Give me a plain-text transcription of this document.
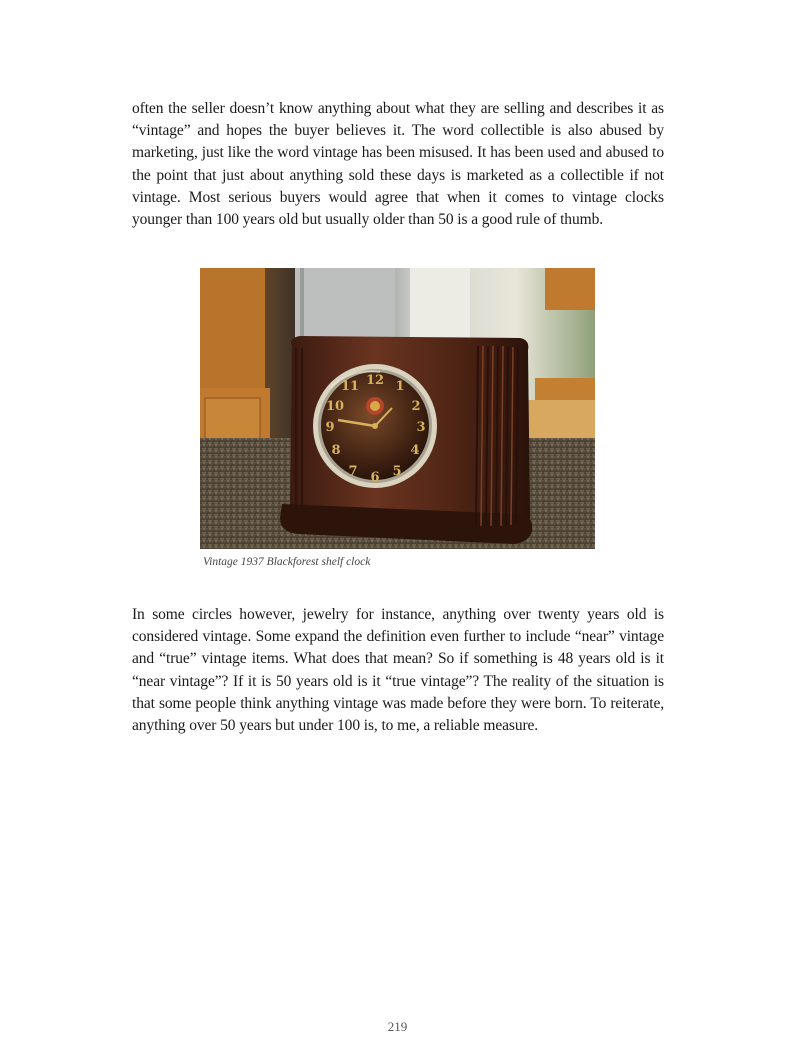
often the seller doesn’t know anything about what they are selling and describes it as “vintage” and hopes the buyer believes it. The word collectible is also abused by marketing, just like the word vintage has been misused. It has been used and abused to the point that just about anything sold these days is marketed as a collectible if not vintage. Most serious buyers would agree that when it comes to vintage clocks younger than 100 years old but usually older than 50 is a good rule of thumb.

12 1
2
3
4
5
6
7
8
9
10
11

Vintage 1937 Blackforest shelf clock

In some circles however, jewelry for instance, anything over twenty years old is considered vintage. Some expand the definition even further to include “near” vintage and “true” vintage items. What does that mean? So if something is 48 years old is it “near vintage”? If it is 50 years old is it “true vintage”? The reality of the situation is that some people think anything vintage was made before they were born. To reiterate, anything over 50 years but under 100 is, to me, a reliable measure.

219
